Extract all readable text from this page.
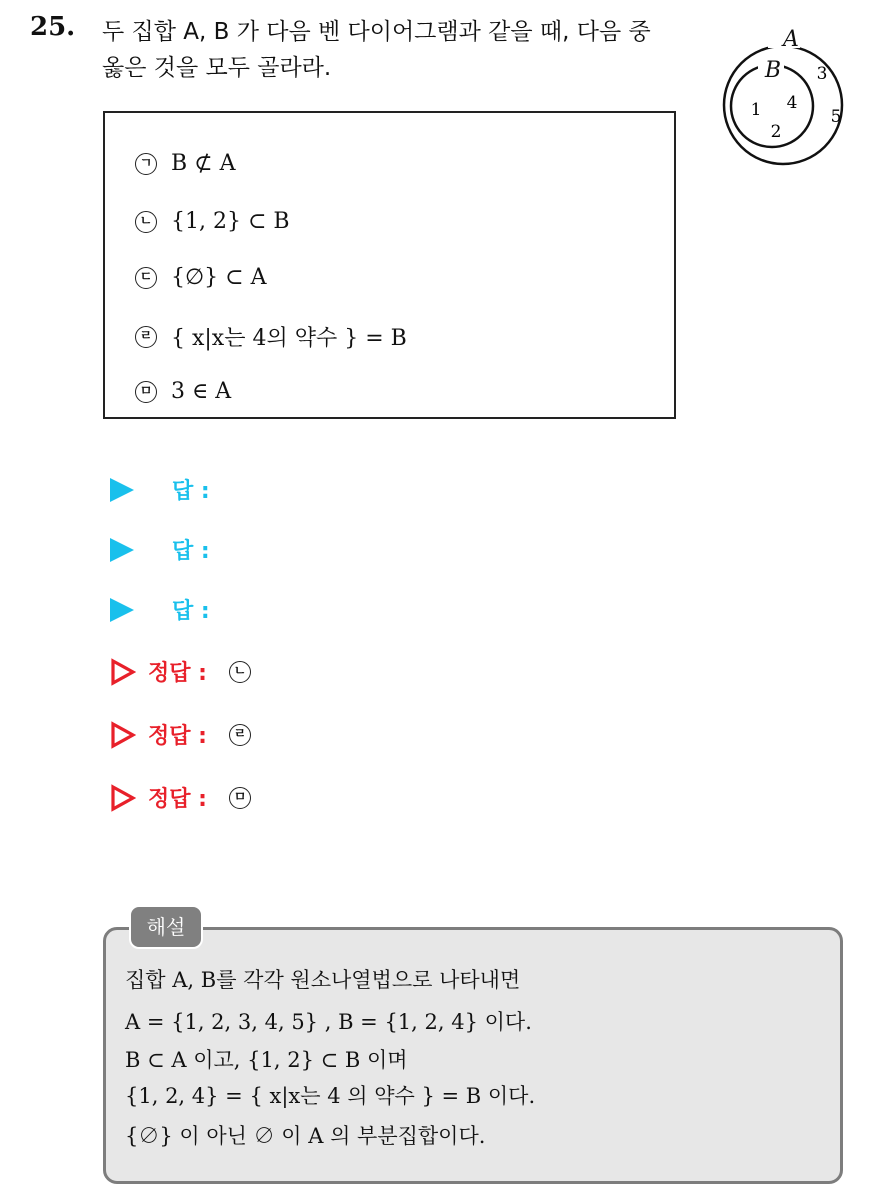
25. 두 집합 A, B 가 다음 벤 다이어그램과 같을 때, 다음 중
옳은 것을 모두 골라라.
A
B
1 4
2
3
5
ㄱ B ⊄ A
ㄴ {1, 2} ⊂ B
ㄷ {∅} ⊂ A
ㄹ { x|x는 4의 약수 } = B
ㅁ 3 ∈ A
답 :
답 :
답 :
정답 :	ㄴ
정답 :	ㄹ
정답 :	ㅁ
해설
집합 A, B를 각각 원소나열법으로 나타내면
A = {1, 2, 3, 4, 5} , B = {1, 2, 4} 이다.
B ⊂ A 이고, {1, 2} ⊂ B 이며
{1, 2, 4} = { x|x는 4 의 약수 } = B 이다.
{∅} 이 아닌 ∅ 이 A 의 부분집합이다.
